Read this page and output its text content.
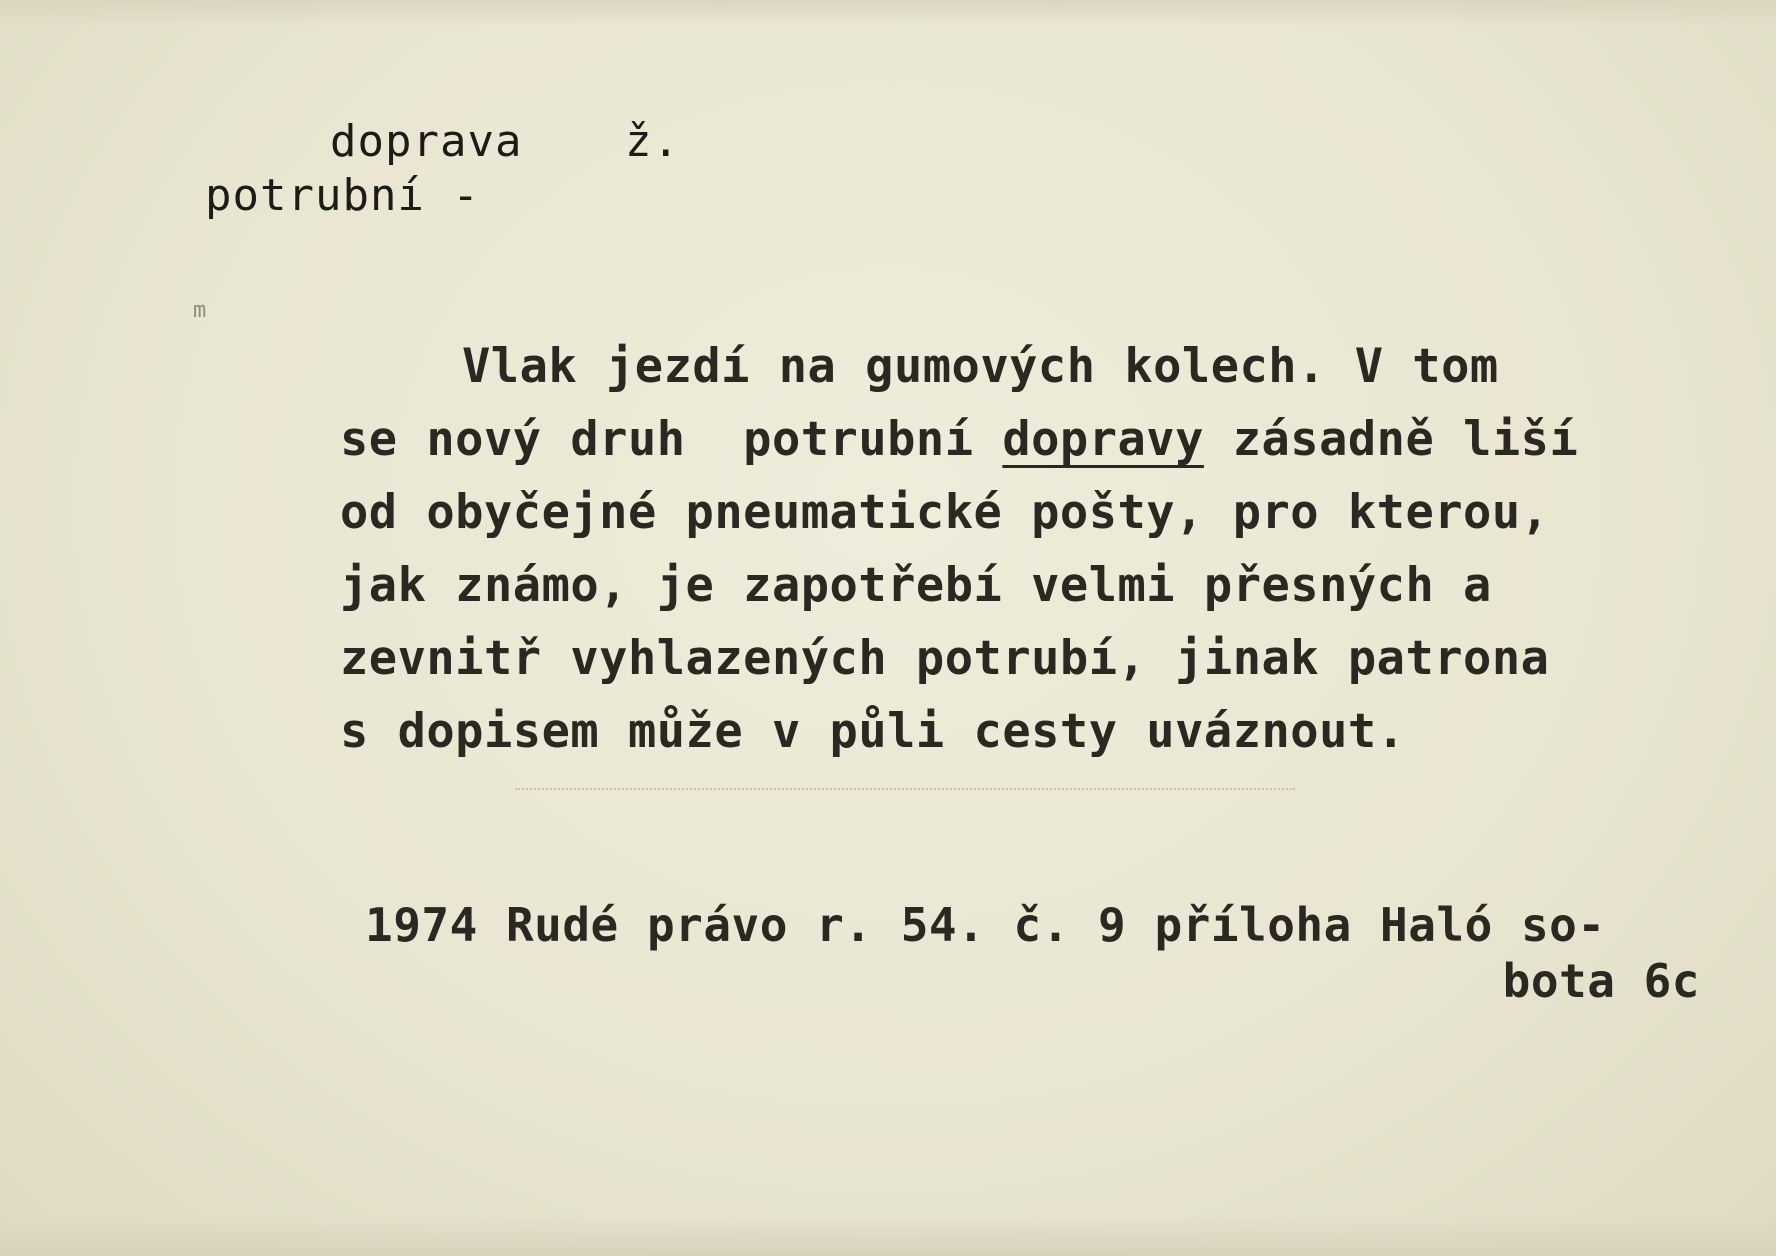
doprava ž.
potrubní -
m
Vlak jezdí na gumových kolech. V tom
se nový druh  potrubní dopravy zásadně liší
od obyčejné pneumatické pošty, pro kterou,
jak známo, je zapotřebí velmi přesných a
zevnitř vyhlazených potrubí, jinak patrona
s dopisem může v půli cesty uváznout.
1974 Rudé právo r. 54. č. 9 příloha Haló so-
bota 6c
